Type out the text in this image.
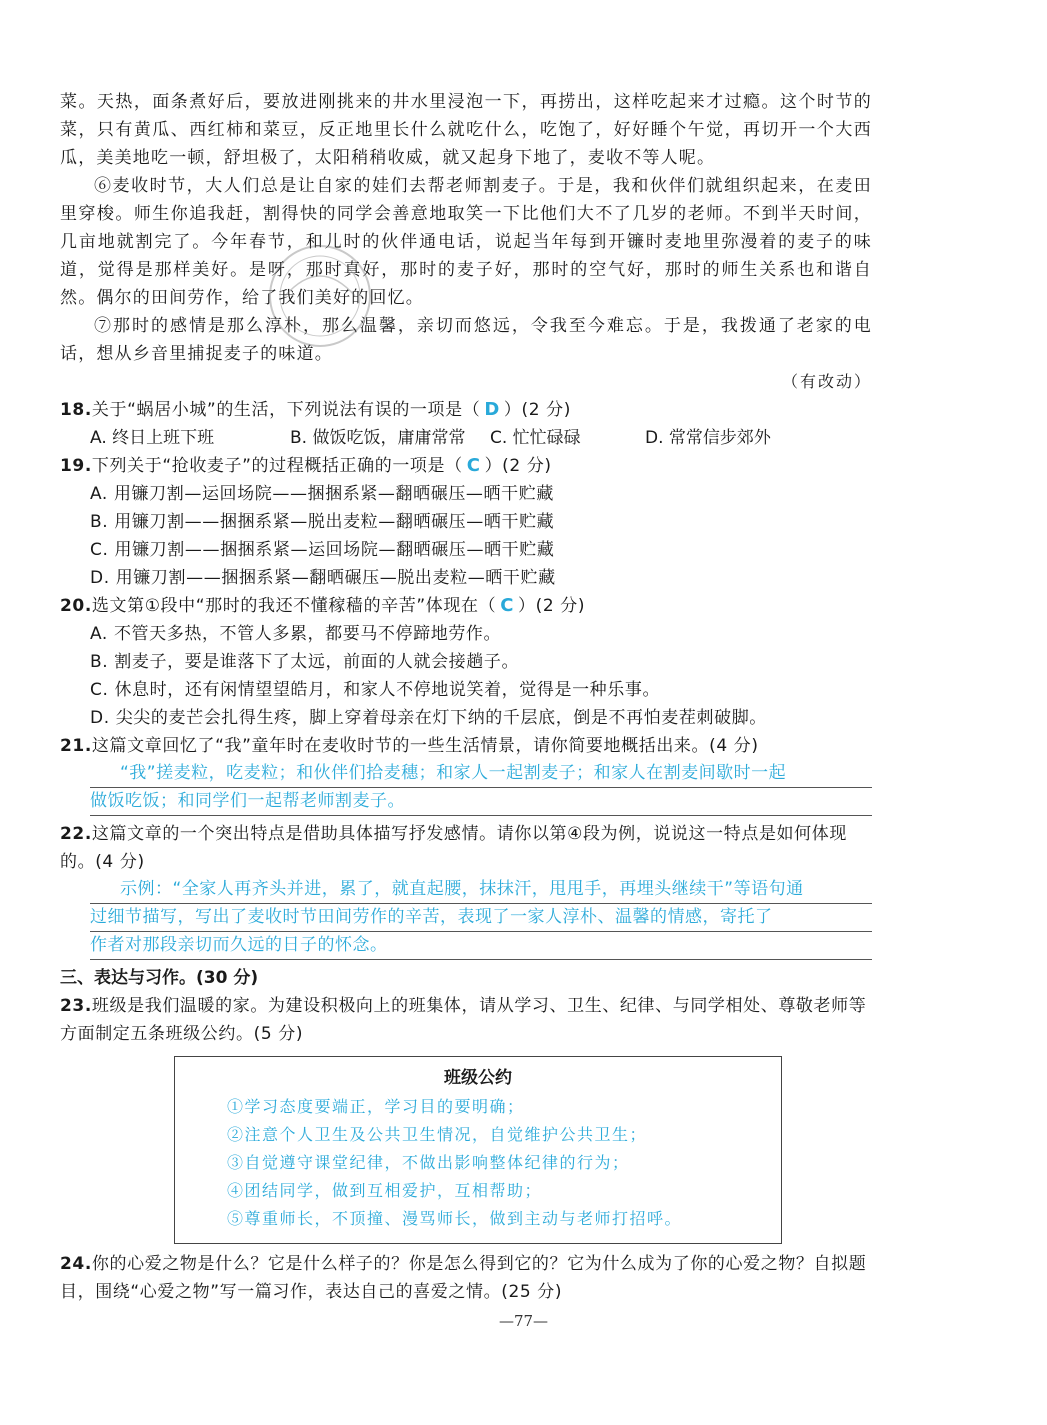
菜。天热，面条煮好后，要放进刚挑来的井水里浸泡一下，再捞出，这样吃起来才过瘾。这个时节的菜，只有黄瓜、西红柿和菜豆，反正地里长什么就吃什么，吃饱了，好好睡个午觉，再切开一个大西瓜，美美地吃一顿，舒坦极了，太阳稍稍收威，就又起身下地了，麦收不等人呢。

⑥麦收时节，大人们总是让自家的娃们去帮老师割麦子。于是，我和伙伴们就组织起来，在麦田里穿梭。师生你追我赶，割得快的同学会善意地取笑一下比他们大不了几岁的老师。不到半天时间，几亩地就割完了。今年春节，和儿时的伙伴通电话，说起当年每到开镰时麦地里弥漫着的麦子的味道，觉得是那样美好。是呀，那时真好，那时的麦子好，那时的空气好，那时的师生关系也和谐自然。偶尔的田间劳作，给了我们美好的回忆。

⑦那时的感情是那么淳朴，那么温馨，亲切而悠远，令我至今难忘。于是，我拨通了老家的电话，想从乡音里捕捉麦子的味道。

（有改动）

18.关于“蜗居小城”的生活，下列说法有误的一项是（ D ）(2 分)

A. 终日上班下班	B. 做饭吃饭，庸庸常常	C. 忙忙碌碌	D. 常常信步郊外

19.下列关于“抢收麦子”的过程概括正确的一项是（ C ）(2 分)

A. 用镰刀割—运回场院——捆捆系紧—翻晒碾压—晒干贮藏

B. 用镰刀割——捆捆系紧—脱出麦粒—翻晒碾压—晒干贮藏

C. 用镰刀割——捆捆系紧—运回场院—翻晒碾压—晒干贮藏

D. 用镰刀割——捆捆系紧—翻晒碾压—脱出麦粒—晒干贮藏

20.选文第①段中“那时的我还不懂稼穑的辛苦”体现在（ C ）(2 分)

A. 不管天多热，不管人多累，都要马不停蹄地劳作。

B. 割麦子，要是谁落下了太远，前面的人就会接趟子。

C. 休息时，还有闲情望望皓月，和家人不停地说笑着，觉得是一种乐事。

D. 尖尖的麦芒会扎得生疼，脚上穿着母亲在灯下纳的千层底，倒是不再怕麦茬刺破脚。

21.这篇文章回忆了“我”童年时在麦收时节的一些生活情景，请你简要地概括出来。(4 分)

“我”搓麦粒，吃麦粒；和伙伴们拾麦穗；和家人一起割麦子；和家人在割麦间歇时一起

做饭吃饭；和同学们一起帮老师割麦子。

22.这篇文章的一个突出特点是借助具体描写抒发感情。请你以第④段为例，说说这一特点是如何体现的。(4 分)

示例：“全家人再齐头并进，累了，就直起腰，抹抹汗，甩甩手，再埋头继续干”等语句通

过细节描写，写出了麦收时节田间劳作的辛苦，表现了一家人淳朴、温馨的情感，寄托了

作者对那段亲切而久远的日子的怀念。

三、表达与习作。(30 分)

23.班级是我们温暖的家。为建设积极向上的班集体，请从学习、卫生、纪律、与同学相处、尊敬老师等方面制定五条班级公约。(5 分)

班级公约

①学习态度要端正，学习目的要明确；

②注意个人卫生及公共卫生情况，自觉维护公共卫生；

③自觉遵守课堂纪律，不做出影响整体纪律的行为；

④团结同学，做到互相爱护，互相帮助；

⑤尊重师长，不顶撞、漫骂师长，做到主动与老师打招呼。

24.你的心爱之物是什么？它是什么样子的？你是怎么得到它的？它为什么成为了你的心爱之物？自拟题目，围绕“心爱之物”写一篇习作，表达自己的喜爱之情。(25 分)

—77—
